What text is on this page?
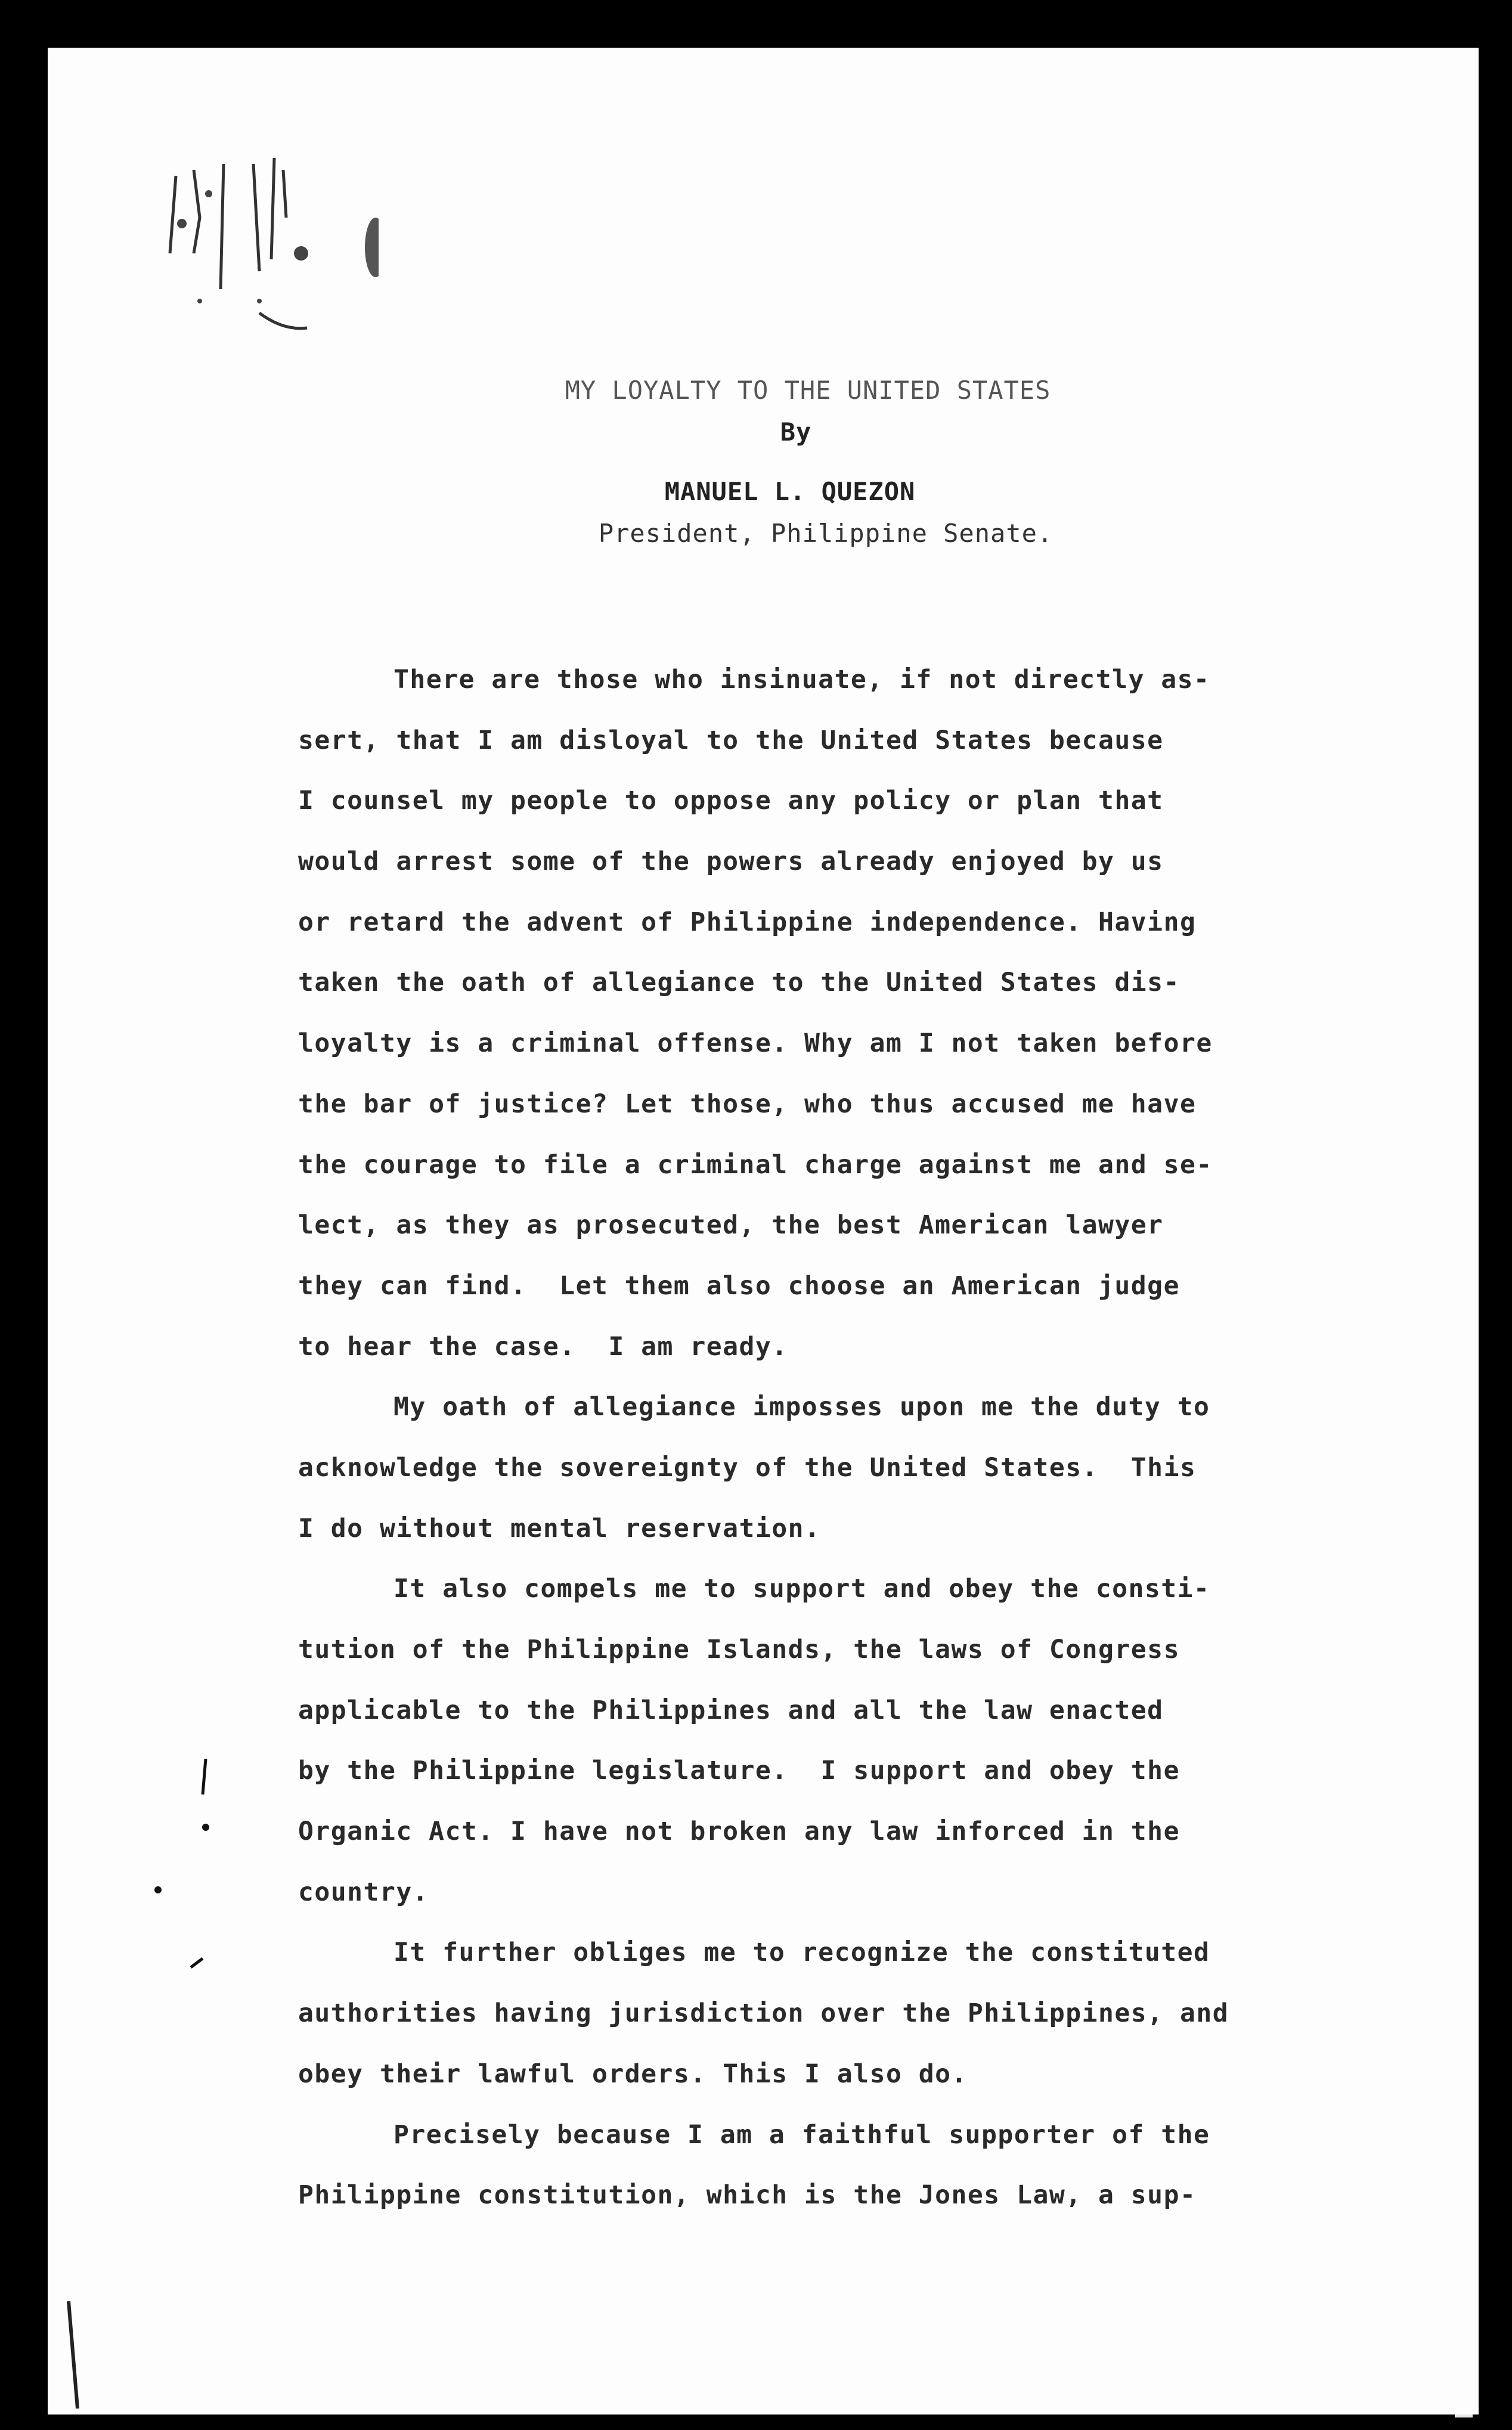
MY LOYALTY TO THE UNITED STATES
By
MANUEL L. QUEZON
President, Philippine Senate.
There are those who insinuate, if not directly as-
sert, that I am disloyal to the United States because
I counsel my people to oppose any policy or plan that
would arrest some of the powers already enjoyed by us
or retard the advent of Philippine independence. Having
taken the oath of allegiance to the United States dis-
loyalty is a criminal offense. Why am I not taken before
the bar of justice? Let those, who thus accused me have
the courage to file a criminal charge against me and se-
lect, as they as prosecuted, the best American lawyer
they can find.  Let them also choose an American judge
to hear the case.  I am ready.
My oath of allegiance imposses upon me the duty to
acknowledge the sovereignty of the United States.  This
I do without mental reservation.
It also compels me to support and obey the consti-
tution of the Philippine Islands, the laws of Congress
applicable to the Philippines and all the law enacted
by the Philippine legislature.  I support and obey the
Organic Act. I have not broken any law inforced in the
country.
It further obliges me to recognize the constituted
authorities having jurisdiction over the Philippines, and
obey their lawful orders. This I also do.
Precisely because I am a faithful supporter of the
Philippine constitution, which is the Jones Law, a sup-
